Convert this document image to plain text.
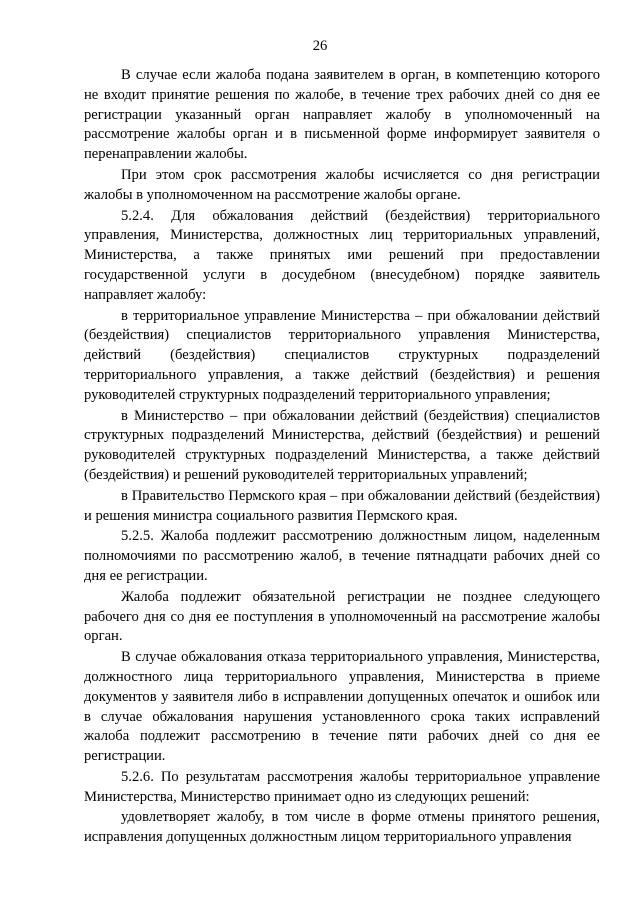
26

В случае если жалоба подана заявителем в орган, в компетенцию которого не входит принятие решения по жалобе, в течение трех рабочих дней со дня ее регистрации указанный орган направляет жалобу в уполномоченный на рассмотрение жалобы орган и в письменной форме информирует заявителя о перенаправлении жалобы.

При этом срок рассмотрения жалобы исчисляется со дня регистрации жалобы в уполномоченном на рассмотрение жалобы органе.

5.2.4. Для обжалования действий (бездействия) территориального управления, Министерства, должностных лиц территориальных управлений, Министерства, а также принятых ими решений при предоставлении государственной услуги в досудебном (внесудебном) порядке заявитель направляет жалобу:

в территориальное управление Министерства – при обжаловании действий (бездействия) специалистов территориального управления Министерства, действий (бездействия) специалистов структурных подразделений территориального управления, а также действий (бездействия) и решения руководителей структурных подразделений территориального управления;

в Министерство – при обжаловании действий (бездействия) специалистов структурных подразделений Министерства, действий (бездействия) и решений руководителей структурных подразделений Министерства, а также действий (бездействия) и решений руководителей территориальных управлений;

в Правительство Пермского края – при обжаловании действий (бездействия) и решения министра социального развития Пермского края.

5.2.5. Жалоба подлежит рассмотрению должностным лицом, наделенным полномочиями по рассмотрению жалоб, в течение пятнадцати рабочих дней со дня ее регистрации.

Жалоба подлежит обязательной регистрации не позднее следующего рабочего дня со дня ее поступления в уполномоченный на рассмотрение жалобы орган.

В случае обжалования отказа территориального управления, Министерства, должностного лица территориального управления, Министерства в приеме документов у заявителя либо в исправлении допущенных опечаток и ошибок или в случае обжалования нарушения установленного срока таких исправлений жалоба подлежит рассмотрению в течение пяти рабочих дней со дня ее регистрации.

5.2.6. По результатам рассмотрения жалобы территориальное управление Министерства, Министерство принимает одно из следующих решений:

удовлетворяет жалобу, в том числе в форме отмены принятого решения, исправления допущенных должностным лицом территориального управления
